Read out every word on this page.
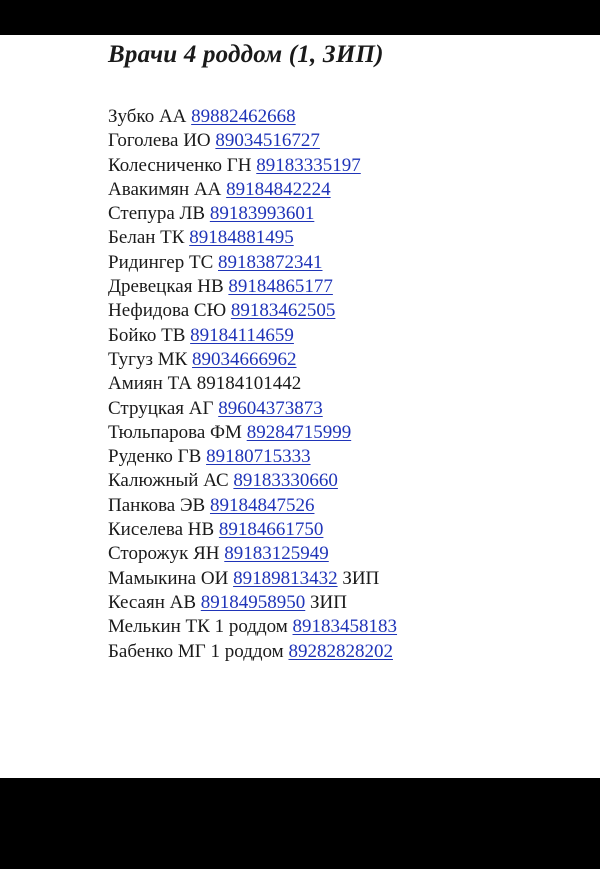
Врачи 4 роддом (1, ЗИП)
Зубко АА 89882462668
Гоголева ИО 89034516727
Колесниченко ГН 89183335197
Авакимян АА 89184842224
Степура ЛВ 89183993601
Белан ТК 89184881495
Ридингер ТС 89183872341
Древецкая НВ 89184865177
Нефидова СЮ 89183462505
Бойко ТВ 89184114659
Тугуз МК 89034666962
Амиян ТА 89184101442
Струцкая АГ 89604373873
Тюльпарова ФМ 89284715999
Руденко ГВ 89180715333
Калюжный АС 89183330660
Панкова ЭВ 89184847526
Киселева НВ 89184661750
Сторожук ЯН 89183125949
Мамыкина ОИ 89189813432 ЗИП
Кесаян АВ 89184958950 ЗИП
Мелькин ТК 1 роддом 89183458183
Бабенко МГ 1 роддом 89282828202
